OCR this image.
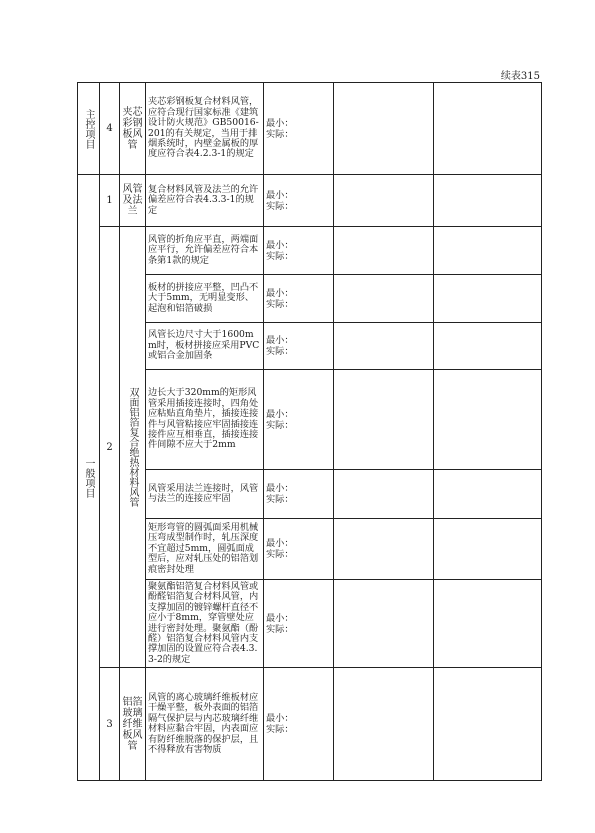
续表315
主控项目	4	夹芯彩钢板风管	夹芯彩钢板复合材料风管，应符合现行国家标准《建筑设计防火规范》GB50016-201的有关规定，当用于排烟系统时，内壁金属板的厚度应符合表4.2.3-1的规定	最小：
实际：		

一般项目	1	风管及法兰	复合材料风管及法兰的允许偏差应符合表4.3.3-1的规定	最小：
实际：		

	2	双面铝箔复合绝热材料风管	风管的折角应平直，两端面应平行，允许偏差应符合本条第1款的规定	最小：
实际：		

			板材的拼接应平整，凹凸不大于5mm，无明显变形、起泡和铝箔破损	最小：
实际：		

			风管长边尺寸大于1600mm时，板材拼接应采用PVC或铝合金加固条	最小：
实际：		

			边长大于320mm的矩形风管采用插接连接时，四角处应粘贴直角垫片，插接连接件与风管粘接应牢固插接连接件应互相垂直，插接连接件间隙不应大于2mm	最小：
实际：		

			风管采用法兰连接时，风管与法兰的连接应牢固	最小：
实际：		

			矩形弯管的圆弧面采用机械压弯成型制作时，轧压深度不宜超过5mm，圆弧面成型后，应对轧压处的铝箔划痕密封处理	最小：
实际：		

			聚氨酯铝箔复合材料风管或酚醛铝箔复合材料风管，内支撑加固的镀锌螺杆直径不应小于8mm，穿管壁处应进行密封处理。聚氨酯（酚醛）铝箔复合材料风管内支撑加固的设置应符合表4.3.3-2的规定	最小：
实际：		

	3	铝箔玻璃纤维板风管	风管的离心玻璃纤维板材应干燥平整，板外表面的铝箔隔气保护层与内芯玻璃纤维材料应黏合牢固，内表面应有防纤维脱落的保护层，且不得释放有害物质	最小：
实际：		
